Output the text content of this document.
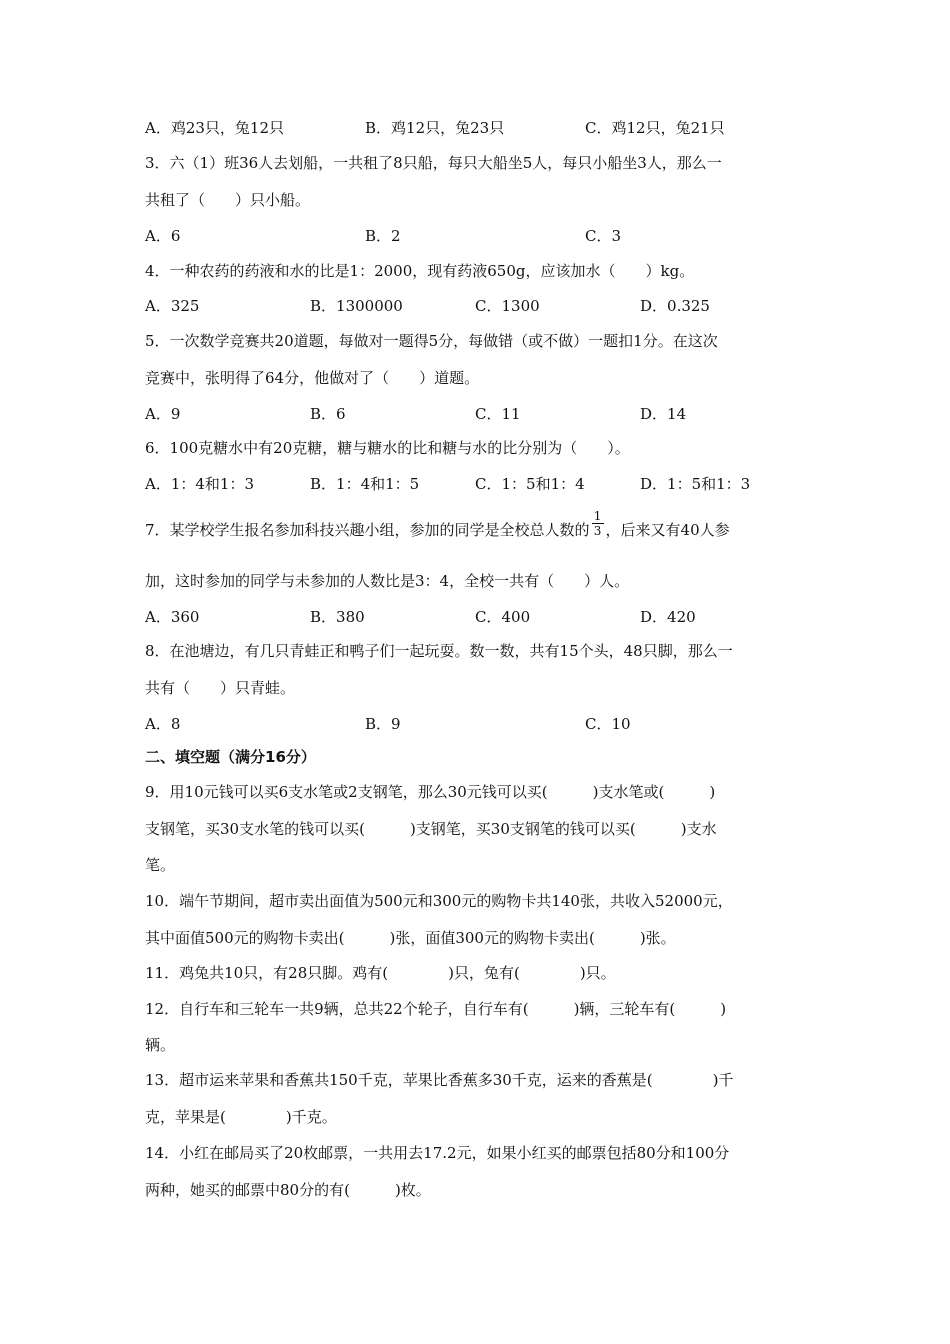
A．鸡23只，兔12只	B．鸡12只，兔23只	C．鸡12只，兔21只
3．六（1）班36人去划船，一共租了8只船，每只大船坐5人，每只小船坐3人，那么一
共租了（　　）只小船。
A．6	B．2	C．3
4．一种农药的药液和水的比是1：2000，现有药液650g，应该加水（　　）kg。
A．325	B．1300000	C．1300	D．0.325
5．一次数学竞赛共20道题，每做对一题得5分，每做错（或不做）一题扣1分。在这次
竞赛中，张明得了64分，他做对了（　　）道题。
A．9	B．6	C．11	D．14
6．100克糖水中有20克糖，糖与糖水的比和糖与水的比分别为（　　）。
A．1：4和1：3	B．1：4和1：5	C．1：5和1：4	D．1：5和1：3
7．某学校学生报名参加科技兴趣小组，参加的同学是全校总人数的 $\frac{1}{3}$ ，后来又有40人参
加，这时参加的同学与未参加的人数比是3：4，全校一共有（　　）人。
A．360	B．380	C．400	D．420
8．在池塘边，有几只青蛙正和鸭子们一起玩耍。数一数，共有15个头，48只脚，那么一
共有（　　）只青蛙。
A．8	B．9	C．10
二、填空题（满分16分）
9．用10元钱可以买6支水笔或2支钢笔，那么30元钱可以买(　　　)支水笔或(　　　)
支钢笔，买30支水笔的钱可以买(　　　)支钢笔，买30支钢笔的钱可以买(　　　)支水
笔。
10．端午节期间，超市卖出面值为500元和300元的购物卡共140张，共收入52000元，
其中面值500元的购物卡卖出(　　　)张，面值300元的购物卡卖出(　　　)张。
11．鸡兔共10只，有28只脚。鸡有(　　　　)只，兔有(　　　　)只。
12．自行车和三轮车一共9辆，总共22个轮子，自行车有(　　　)辆，三轮车有(　　　)
辆。
13．超市运来苹果和香蕉共150千克，苹果比香蕉多30千克，运来的香蕉是(　　　　)千
克，苹果是(　　　　)千克。
14．小红在邮局买了20枚邮票，一共用去17.2元，如果小红买的邮票包括80分和100分
两种，她买的邮票中80分的有(　　　)枚。
